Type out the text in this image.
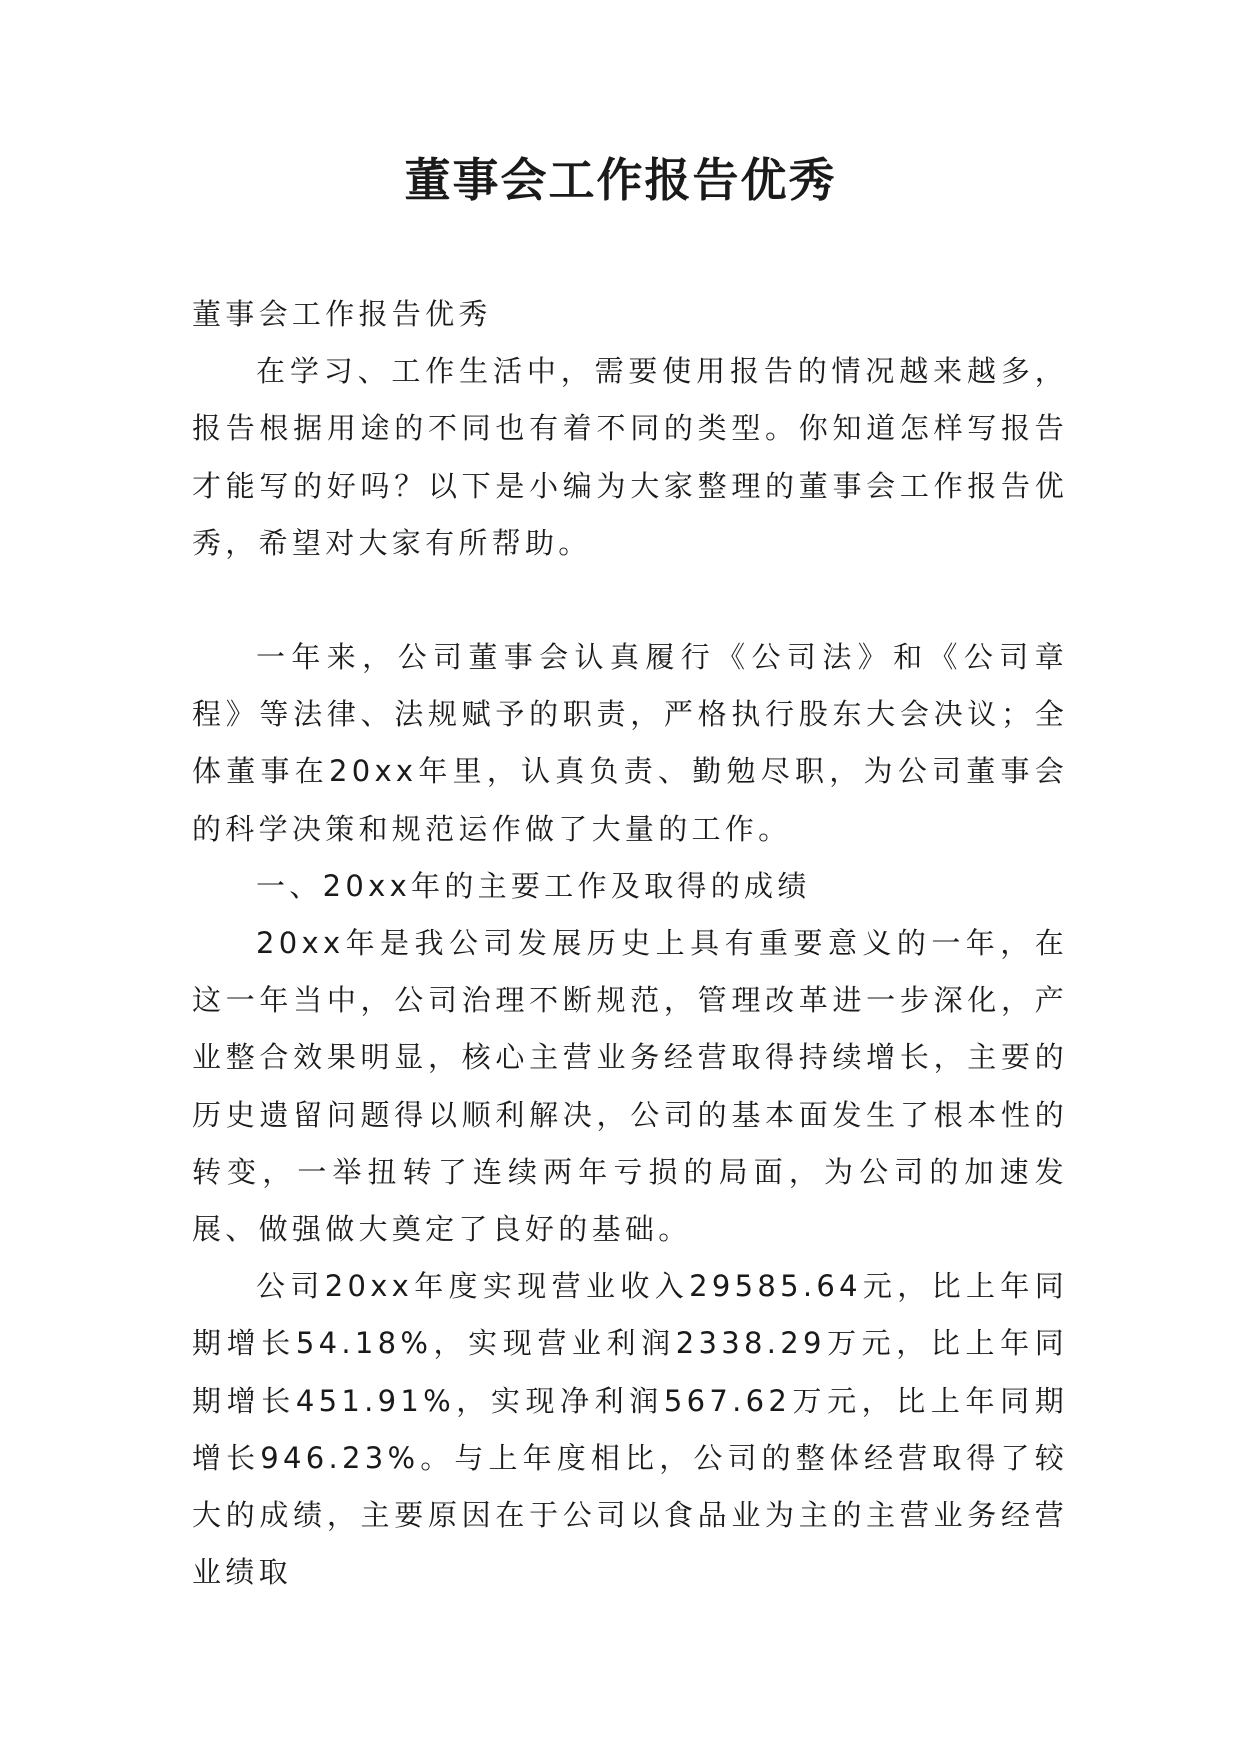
董事会工作报告优秀

董事会工作报告优秀

在学习、工作生活中，需要使用报告的情况越来越多，报告根据用途的不同也有着不同的类型。你知道怎样写报告才能写的好吗？以下是小编为大家整理的董事会工作报告优秀，希望对大家有所帮助。

一年来，公司董事会认真履行《公司法》和《公司章程》等法律、法规赋予的职责，严格执行股东大会决议；全体董事在20xx年里，认真负责、勤勉尽职，为公司董事会的科学决策和规范运作做了大量的工作。

一、20xx年的主要工作及取得的成绩

20xx年是我公司发展历史上具有重要意义的一年，在这一年当中，公司治理不断规范，管理改革进一步深化，产业整合效果明显，核心主营业务经营取得持续增长，主要的历史遗留问题得以顺利解决，公司的基本面发生了根本性的转变，一举扭转了连续两年亏损的局面，为公司的加速发展、做强做大奠定了良好的基础。

公司20xx年度实现营业收入29585.64元，比上年同期增长54.18%，实现营业利润2338.29万元，比上年同期增长451.91%，实现净利润567.62万元，比上年同期增长946.23%。与上年度相比，公司的整体经营取得了较大的成绩，主要原因在于公司以食品业为主的主营业务经营业绩取
